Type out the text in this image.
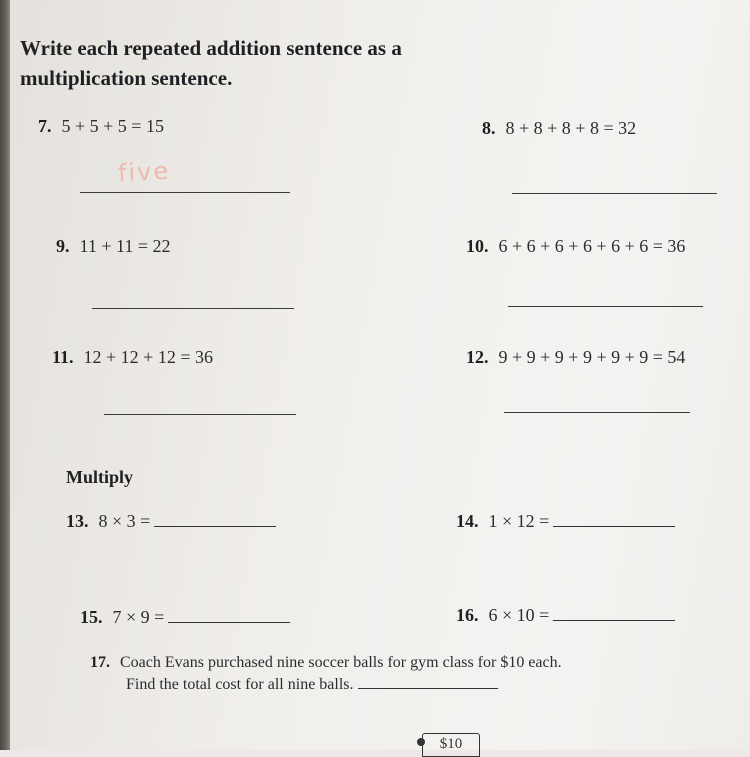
Write each repeated addition sentence as a multiplication sentence.
7. 5 + 5 + 5 = 15
five
8. 8 + 8 + 8 + 8 = 32
9. 11 + 11 = 22	10. 6 + 6 + 6 + 6 + 6 + 6 = 36
11. 12 + 12 + 12 = 36	12. 9 + 9 + 9 + 9 + 9 + 9 = 54
Multiply
13. 8 × 3 =	14. 1 × 12 =
15. 7 × 9 =	16. 6 × 10 =
17. Coach Evans purchased nine soccer balls for gym class for $10 each.
Find the total cost for all nine balls.
$10
